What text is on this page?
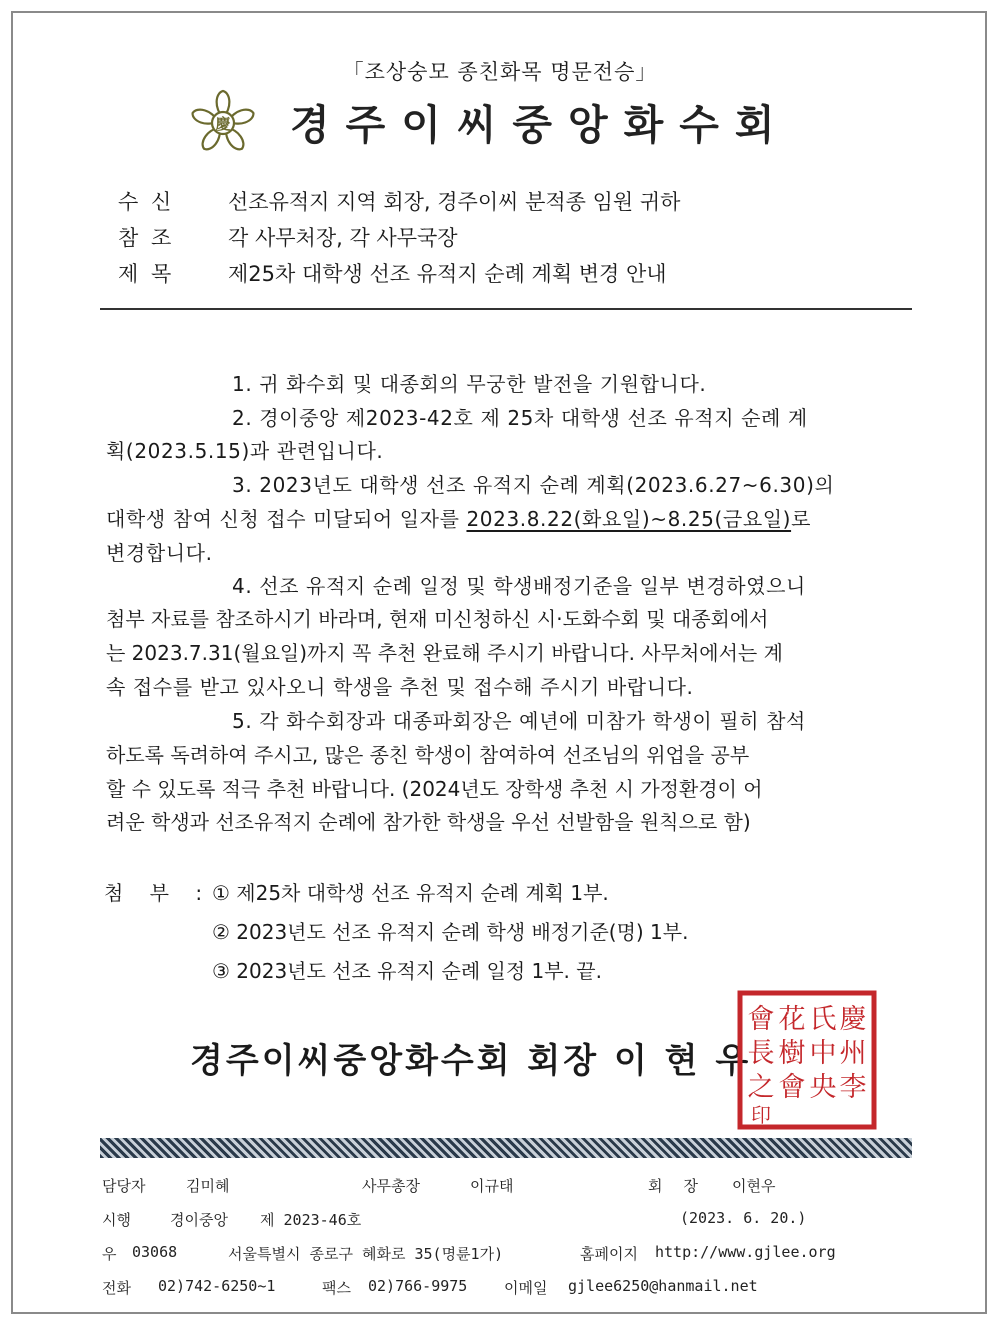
「조상숭모 종친화목 명문전승」
慶 경주이씨중앙화수회
수 신	선조유적지 지역 회장, 경주이씨 분적종 임원 귀하
참 조	각 사무처장, 각 사무국장
제 목	제25차 대학생 선조 유적지 순례 계획 변경 안내
1. 귀 화수회 및 대종회의 무궁한 발전을 기원합니다.
2. 경이중앙 제2023-42호 제 25차 대학생 선조 유적지 순례 계
획(2023.5.15)과 관련입니다.
3. 2023년도 대학생 선조 유적지 순례 계획(2023.6.27~6.30)의
대학생 참여 신청 접수 미달되어 일자를 2023.8.22(화요일)~8.25(금요일)로
변경합니다.
4. 선조 유적지 순례 일정 및 학생배정기준을 일부 변경하였으니
첨부 자료를 참조하시기 바라며, 현재 미신청하신 시·도화수회 및 대종회에서
는 2023.7.31(월요일)까지 꼭 추천 완료해 주시기 바랍니다. 사무처에서는 계
속 접수를 받고 있사오니 학생을 추천 및 접수해 주시기 바랍니다.
5. 각 화수회장과 대종파회장은 예년에 미참가 학생이 필히 참석
하도록 독려하여 주시고, 많은 종친 학생이 참여하여 선조님의 위업을 공부
할 수 있도록 적극 추천 바랍니다. (2024년도 장학생 추천 시 가정환경이 어
려운 학생과 선조유적지 순례에 참가한 학생을 우선 선발함을 원칙으로 함)
첨 부 : ① 제25차 대학생 선조 유적지 순례 계획 1부.
② 2023년도 선조 유적지 순례 학생 배정기준(명) 1부.
③ 2023년도 선조 유적지 순례 일정 1부. 끝.
경주이씨중앙화수회 회장 이 현 우
慶
州
李
氏
中
央
花
樹
會
會
長
之
印
담당자	김미혜	사무총장	이규태	회 장 이현우
시행	경이중앙 제 2023-46호	(2023. 6. 20.)
우 03068	서울특별시 종로구 혜화로 35(명륜1가)	홈페이지 http://www.gjlee.org
전화 02)742-6250~1	팩스 02)766-9975 이메일 gjlee6250@hanmail.net
